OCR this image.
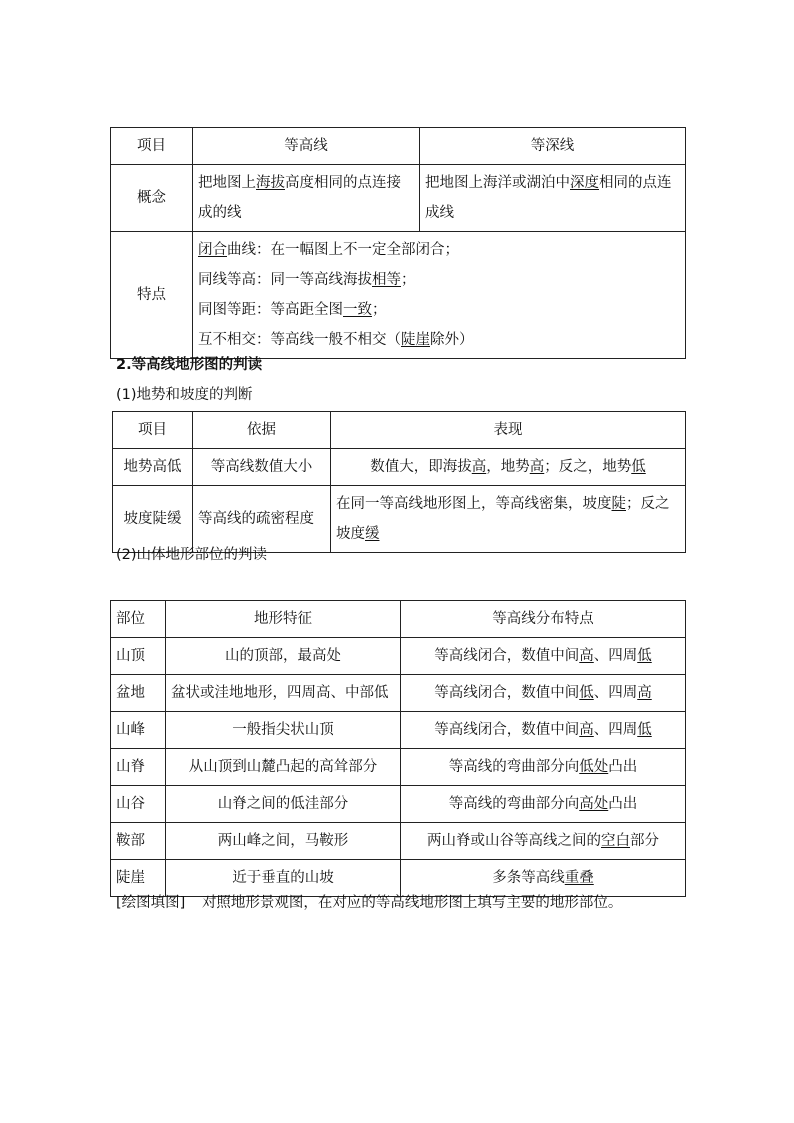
项目	等高线	等深线
概念	把地图上海拔高度相同的点连接成的线	把地图上海洋或湖泊中深度相同的点连成线
特点	闭合曲线：在一幅图上不一定全部闭合；
同线等高：同一等高线海拔相等；
同图等距：等高距全图一致；
互不相交：等高线一般不相交（陡崖除外）	
2.等高线地形图的判读
(1)地势和坡度的判断
项目	依据	表现
地势高低	等高线数值大小	数值大，即海拔高，地势高；反之，地势低
坡度陡缓	等高线的疏密程度	在同一等高线地形图上，等高线密集，坡度陡；反之坡度缓
(2)山体地形部位的判读
部位	地形特征	等高线分布特点
山顶	山的顶部，最高处	等高线闭合，数值中间高、四周低
盆地	盆状或洼地地形，四周高、中部低	等高线闭合，数值中间低、四周高
山峰	一般指尖状山顶	等高线闭合，数值中间高、四周低
山脊	从山顶到山麓凸起的高耸部分	等高线的弯曲部分向低处凸出
山谷	山脊之间的低洼部分	等高线的弯曲部分向高处凸出
鞍部	两山峰之间，马鞍形	两山脊或山谷等高线之间的空白部分
陡崖	近于垂直的山坡	多条等高线重叠
[绘图填图] 对照地形景观图，在对应的等高线地形图上填写主要的地形部位。
